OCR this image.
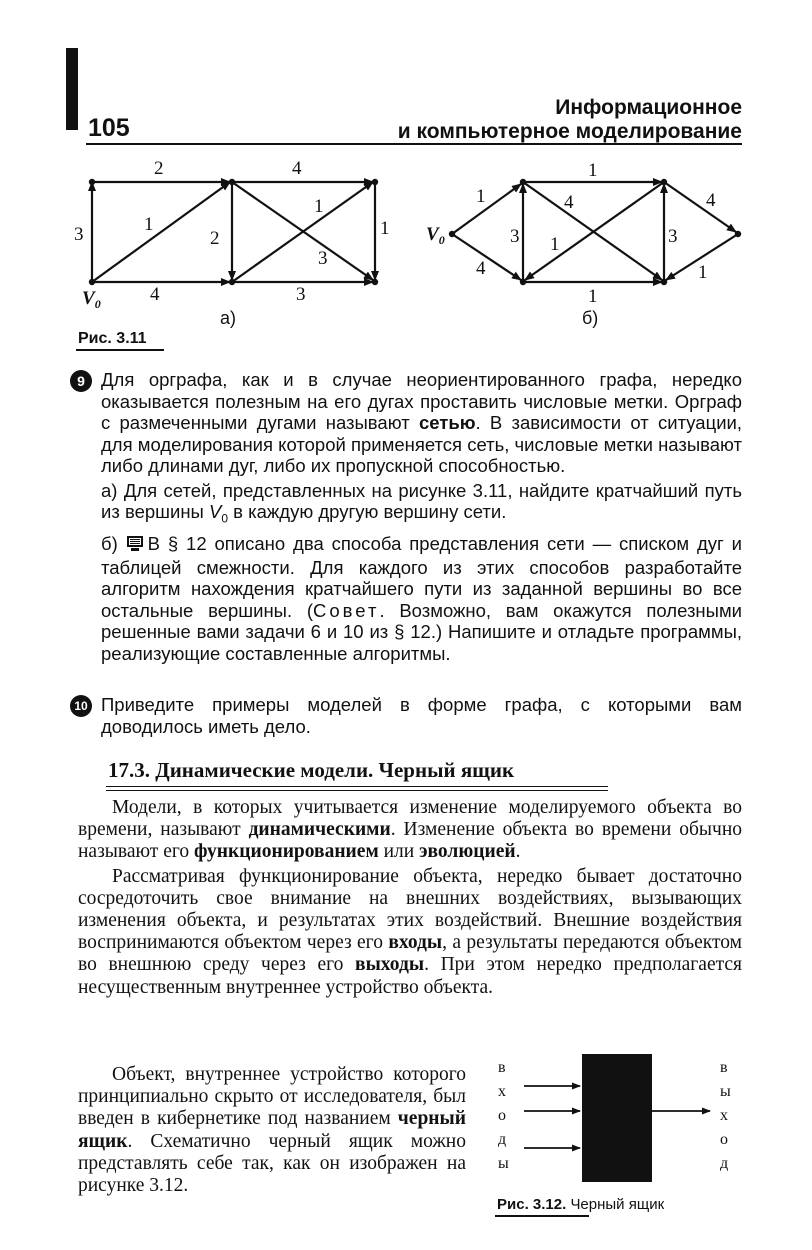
105
Информационное
и компьютерное моделирование
2	4
3	1
2
1
3
1
4	3
$V_0$
а)
1
1
4	4
3 1	3
4
1
1
$V_0$
б)
Рис. 3.11
9 Для орграфа, как и в случае неориентированного графа, нередко оказывается полезным на его дугах проставить числовые метки. Орграф с размеченными дугами называют сетью. В зависимости от ситуации, для моделирования которой применяется сеть, числовые метки называют либо длинами дуг, либо их пропускной способностью.

а) Для сетей, представленных на рисунке 3.11, найдите кратчайший путь из вершины $V_0$ в каждую другую вершину сети.

б) В § 12 описано два способа представления сети — списком дуг и таблицей смежности. Для каждого из этих способов разработайте алгоритм нахождения кратчайшего пути из заданной вершины во все остальные вершины. (Совет. Возможно, вам окажутся полезными решенные вами задачи 6 и 10 из § 12.) Напишите и отладьте программы, реализующие составленные алгоритмы.

10 Приведите примеры моделей в форме графа, с которыми вам доводилось иметь дело.

17.3. Динамические модели. Черный ящик

Модели, в которых учитывается изменение моделируемого объекта во времени, называют динамическими. Изменение объекта во времени обычно называют его функционированием или эволюцией.

Рассматривая функционирование объекта, нередко бывает достаточно сосредоточить свое внимание на внешних воздействиях, вызывающих изменения объекта, и результатах этих воздействий. Внешние воздействия воспринимаются объектом через его входы, а результаты передаются объектом во внешнюю среду через его выходы. При этом нередко предполагается несущественным внутреннее устройство объекта.

Объект, внутреннее устройство которого принципиально скрыто от исследователя, был введен в кибернетике под названием черный ящик. Схематично черный ящик можно представлять себе так, как он изображен на рисунке 3.12.

в
х
о
д
ы
в
ы
х
о
д
Рис. 3.12. Черный ящик
